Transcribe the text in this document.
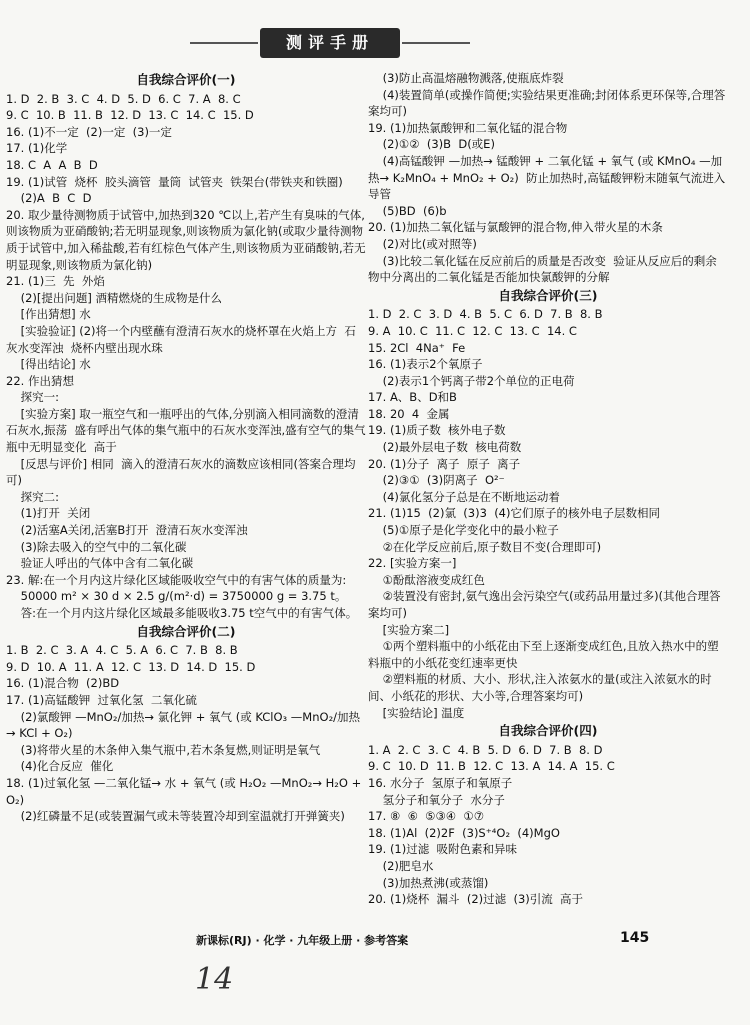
测评手册
自我综合评价(一)
1. D  2. B  3. C  4. D  5. D  6. C  7. A  8. C
9. C  10. B  11. B  12. D  13. C  14. C  15. D
16. (1)不一定  (2)一定  (3)一定
17. (1)化学
18. C  A  A  B  D
19. (1)试管  烧杯  胶头滴管  量筒  试管夹  铁架台(带铁夹和铁圈)
(2)A  B  C  D
20. 取少量待测物质于试管中,加热到320 ℃以上,若产生有臭味的气体,则该物质为亚硝酸钠;若无明显现象,则该物质为氯化钠(或取少量待测物质于试管中,加入稀盐酸,若有红棕色气体产生,则该物质为亚硝酸钠,若无明显现象,则该物质为氯化钠)
21. (1)三  先  外焰
(2)[提出问题] 酒精燃烧的生成物是什么
[作出猜想] 水
[实验验证] (2)将一个内壁蘸有澄清石灰水的烧杯罩在火焰上方  石灰水变浑浊  烧杯内壁出现水珠
[得出结论] 水
22. 作出猜想
探究一:
[实验方案] 取一瓶空气和一瓶呼出的气体,分别滴入相同滴数的澄清石灰水,振荡  盛有呼出气体的集气瓶中的石灰水变浑浊,盛有空气的集气瓶中无明显变化  高于
[反思与评价] 相同  滴入的澄清石灰水的滴数应该相同(答案合理均可)
探究二:
(1)打开  关闭
(2)活塞A关闭,活塞B打开  澄清石灰水变浑浊
(3)除去吸入的空气中的二氧化碳
验证人呼出的气体中含有二氧化碳
23. 解:在一个月内这片绿化区域能吸收空气中的有害气体的质量为:
50000 m² × 30 d × 2.5 g/(m²·d) = 3750000 g = 3.75 t。
答:在一个月内这片绿化区域最多能吸收3.75 t空气中的有害气体。
自我综合评价(二)
1. B  2. C  3. A  4. C  5. A  6. C  7. B  8. B
9. D  10. A  11. A  12. C  13. D  14. D  15. D
16. (1)混合物  (2)BD
17. (1)高锰酸钾  过氧化氢  二氧化硫
(2)氯酸钾 —MnO₂/加热→ 氯化钾 + 氧气 (或 KClO₃ —MnO₂/加热→ KCl + O₂)
(3)将带火星的木条伸入集气瓶中,若木条复燃,则证明是氧气
(4)化合反应  催化
18. (1)过氧化氢 —二氧化锰→ 水 + 氧气 (或 H₂O₂ —MnO₂→ H₂O + O₂)
(2)红磷量不足(或装置漏气或未等装置冷却到室温就打开弹簧夹)
(3)防止高温熔融物溅落,使瓶底炸裂
(4)装置简单(或操作简便;实验结果更准确;封闭体系更环保等,合理答案均可)
19. (1)加热氯酸钾和二氧化锰的混合物
(2)①②  (3)B  D(或E)
(4)高锰酸钾 —加热→ 锰酸钾 + 二氧化锰 + 氧气 (或 KMnO₄ —加热→ K₂MnO₄ + MnO₂ + O₂)  防止加热时,高锰酸钾粉末随氧气流进入导管
(5)BD  (6)b
20. (1)加热二氧化锰与氯酸钾的混合物,伸入带火星的木条
(2)对比(或对照等)
(3)比较二氧化锰在反应前后的质量是否改变  验证从反应后的剩余物中分离出的二氧化锰是否能加快氯酸钾的分解
自我综合评价(三)
1. D  2. C  3. D  4. B  5. C  6. D  7. B  8. B
9. A  10. C  11. C  12. C  13. C  14. C
15. 2Cl  4Na⁺  Fe
16. (1)表示2个氧原子
(2)表示1个钙离子带2个单位的正电荷
17. A、B、D和B
18. 20  4  金属
19. (1)质子数  核外电子数
(2)最外层电子数  核电荷数
20. (1)分子  离子  原子  离子
(2)③①  (3)阴离子  O²⁻
(4)氯化氢分子总是在不断地运动着
21. (1)15  (2)氯  (3)3  (4)它们原子的核外电子层数相同
(5)①原子是化学变化中的最小粒子
②在化学反应前后,原子数目不变(合理即可)
22. [实验方案一]
①酚酞溶液变成红色
②装置没有密封,氨气逸出会污染空气(或药品用量过多)(其他合理答案均可)
[实验方案二]
①两个塑料瓶中的小纸花由下至上逐渐变成红色,且放入热水中的塑料瓶中的小纸花变红速率更快
②塑料瓶的材质、大小、形状,注入浓氨水的量(或注入浓氨水的时间、小纸花的形状、大小等,合理答案均可)
[实验结论] 温度
自我综合评价(四)
1. A  2. C  3. C  4. B  5. D  6. D  7. B  8. D
9. C  10. D  11. B  12. C  13. A  14. A  15. C
16. 水分子  氢原子和氧原子
氢分子和氧分子  水分子
17. ⑧  ⑥  ⑤③④  ①⑦
18. (1)Al  (2)2F  (3)S⁺⁴O₂  (4)MgO
19. (1)过滤  吸附色素和异味
(2)肥皂水
(3)加热煮沸(或蒸馏)
20. (1)烧杯  漏斗  (2)过滤  (3)引流  高于
新课标(RJ) · 化学 · 九年级上册 · 参考答案	145
14
